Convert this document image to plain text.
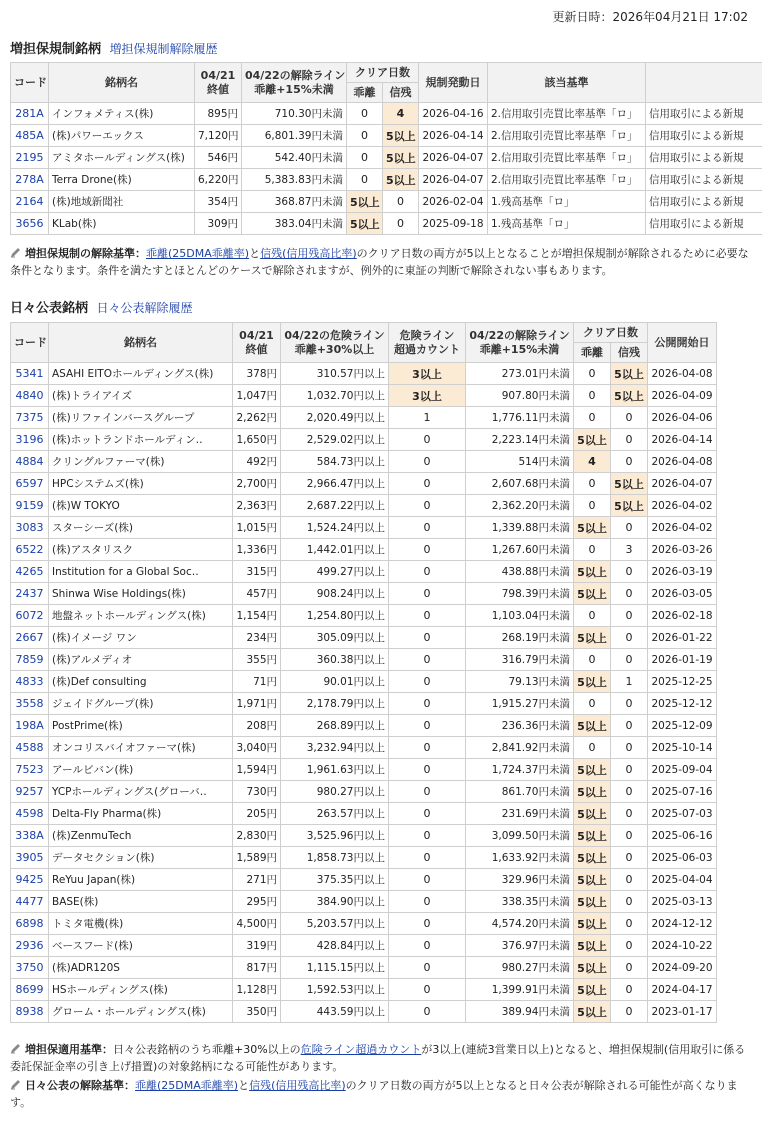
更新日時：2026年04月21日 17:02
増担保規制銘柄 増担保規制解除履歴
コード	銘柄名	04/21
終値	04/22の解除ライン
乖離+15%未満	クリア日数		規制発動日	該当基準	
				乖離	信残			
281A	インフォメティス(株)	895円	710.30円未満	0	4	2026-04-16	2.信用取引売買比率基準「ロ」	信用取引による新規
485A	(株)パワーエックス	7,120円	6,801.39円未満	0	5以上	2026-04-14	2.信用取引売買比率基準「ロ」	信用取引による新規
2195	アミタホールディングス(株)	546円	542.40円未満	0	5以上	2026-04-07	2.信用取引売買比率基準「ロ」	信用取引による新規
278A	Terra Drone(株)	6,220円	5,383.83円未満	0	5以上	2026-04-07	2.信用取引売買比率基準「ロ」	信用取引による新規
2164	(株)地域新聞社	354円	368.87円未満	5以上	0	2026-02-04	1.残高基準「ロ」	信用取引による新規
3656	KLab(株)	309円	383.04円未満	5以上	0	2025-09-18	1.残高基準「ロ」	信用取引による新規
増担保規制の解除基準：乖離(25DMA乖離率)と信残(信用残高比率)のクリア日数の両方が5以上となることが増担保規制が解除されるために必要な条件となります。条件を満たすとほとんどのケースで解除されますが、例外的に東証の判断で解除されない事もあります。
日々公表銘柄 日々公表解除履歴
コード	銘柄名	04/21
終値	04/22の危険ライン
乖離+30%以上	危険ライン
超過カウント	04/22の解除ライン
乖離+15%未満	クリア日数		公開開始日
						乖離	信残	
5341	ASAHI EITOホールディングス(株)	378円	310.57円以上	3以上	273.01円未満	0	5以上	2026-04-08
4840	(株)トライアイズ	1,047円	1,032.70円以上	3以上	907.80円未満	0	5以上	2026-04-09
7375	(株)リファインバースグループ	2,262円	2,020.49円以上	1	1,776.11円未満	0	0	2026-04-06
3196	(株)ホットランドホールディン‥	1,650円	2,529.02円以上	0	2,223.14円未満	5以上	0	2026-04-14
4884	クリングルファーマ(株)	492円	584.73円以上	0	514円未満	4	0	2026-04-08
6597	HPCシステムズ(株)	2,700円	2,966.47円以上	0	2,607.68円未満	0	5以上	2026-04-07
9159	(株)W TOKYO	2,363円	2,687.22円以上	0	2,362.20円未満	0	5以上	2026-04-02
3083	スターシーズ(株)	1,015円	1,524.24円以上	0	1,339.88円未満	5以上	0	2026-04-02
6522	(株)アスタリスク	1,336円	1,442.01円以上	0	1,267.60円未満	0	3	2026-03-26
4265	Institution for a Global Soc‥	315円	499.27円以上	0	438.88円未満	5以上	0	2026-03-19
2437	Shinwa Wise Holdings(株)	457円	908.24円以上	0	798.39円未満	5以上	0	2026-03-05
6072	地盤ネットホールディングス(株)	1,154円	1,254.80円以上	0	1,103.04円未満	0	0	2026-02-18
2667	(株)イメージ ワン	234円	305.09円以上	0	268.19円未満	5以上	0	2026-01-22
7859	(株)アルメディオ	355円	360.38円以上	0	316.79円未満	0	0	2026-01-19
4833	(株)Def consulting	71円	90.01円以上	0	79.13円未満	5以上	1	2025-12-25
3558	ジェイドグループ(株)	1,971円	2,178.79円以上	0	1,915.27円未満	0	0	2025-12-12
198A	PostPrime(株)	208円	268.89円以上	0	236.36円未満	5以上	0	2025-12-09
4588	オンコリスバイオファーマ(株)	3,040円	3,232.94円以上	0	2,841.92円未満	0	0	2025-10-14
7523	アールビバン(株)	1,594円	1,961.63円以上	0	1,724.37円未満	5以上	0	2025-09-04
9257	YCPホールディングス(グローバ‥	730円	980.27円以上	0	861.70円未満	5以上	0	2025-07-16
4598	Delta-Fly Pharma(株)	205円	263.57円以上	0	231.69円未満	5以上	0	2025-07-03
338A	(株)ZenmuTech	2,830円	3,525.96円以上	0	3,099.50円未満	5以上	0	2025-06-16
3905	データセクション(株)	1,589円	1,858.73円以上	0	1,633.92円未満	5以上	0	2025-06-03
9425	ReYuu Japan(株)	271円	375.35円以上	0	329.96円未満	5以上	0	2025-04-04
4477	BASE(株)	295円	384.90円以上	0	338.35円未満	5以上	0	2025-03-13
6898	トミタ電機(株)	4,500円	5,203.57円以上	0	4,574.20円未満	5以上	0	2024-12-12
2936	ベースフード(株)	319円	428.84円以上	0	376.97円未満	5以上	0	2024-10-22
3750	(株)ADR120S	817円	1,115.15円以上	0	980.27円未満	5以上	0	2024-09-20
8699	HSホールディングス(株)	1,128円	1,592.53円以上	0	1,399.91円未満	5以上	0	2024-04-17
8938	グローム・ホールディングス(株)	350円	443.59円以上	0	389.94円未満	5以上	0	2023-01-17
増担保適用基準：日々公表銘柄のうち乖離+30%以上の危険ライン超過カウントが3以上(連続3営業日以上)となると、増担保規制(信用取引に係る委託保証金率の引き上げ措置)の対象銘柄になる可能性があります。
日々公表の解除基準：乖離(25DMA乖離率)と信残(信用残高比率)のクリア日数の両方が5以上となると日々公表が解除される可能性が高くなります。
